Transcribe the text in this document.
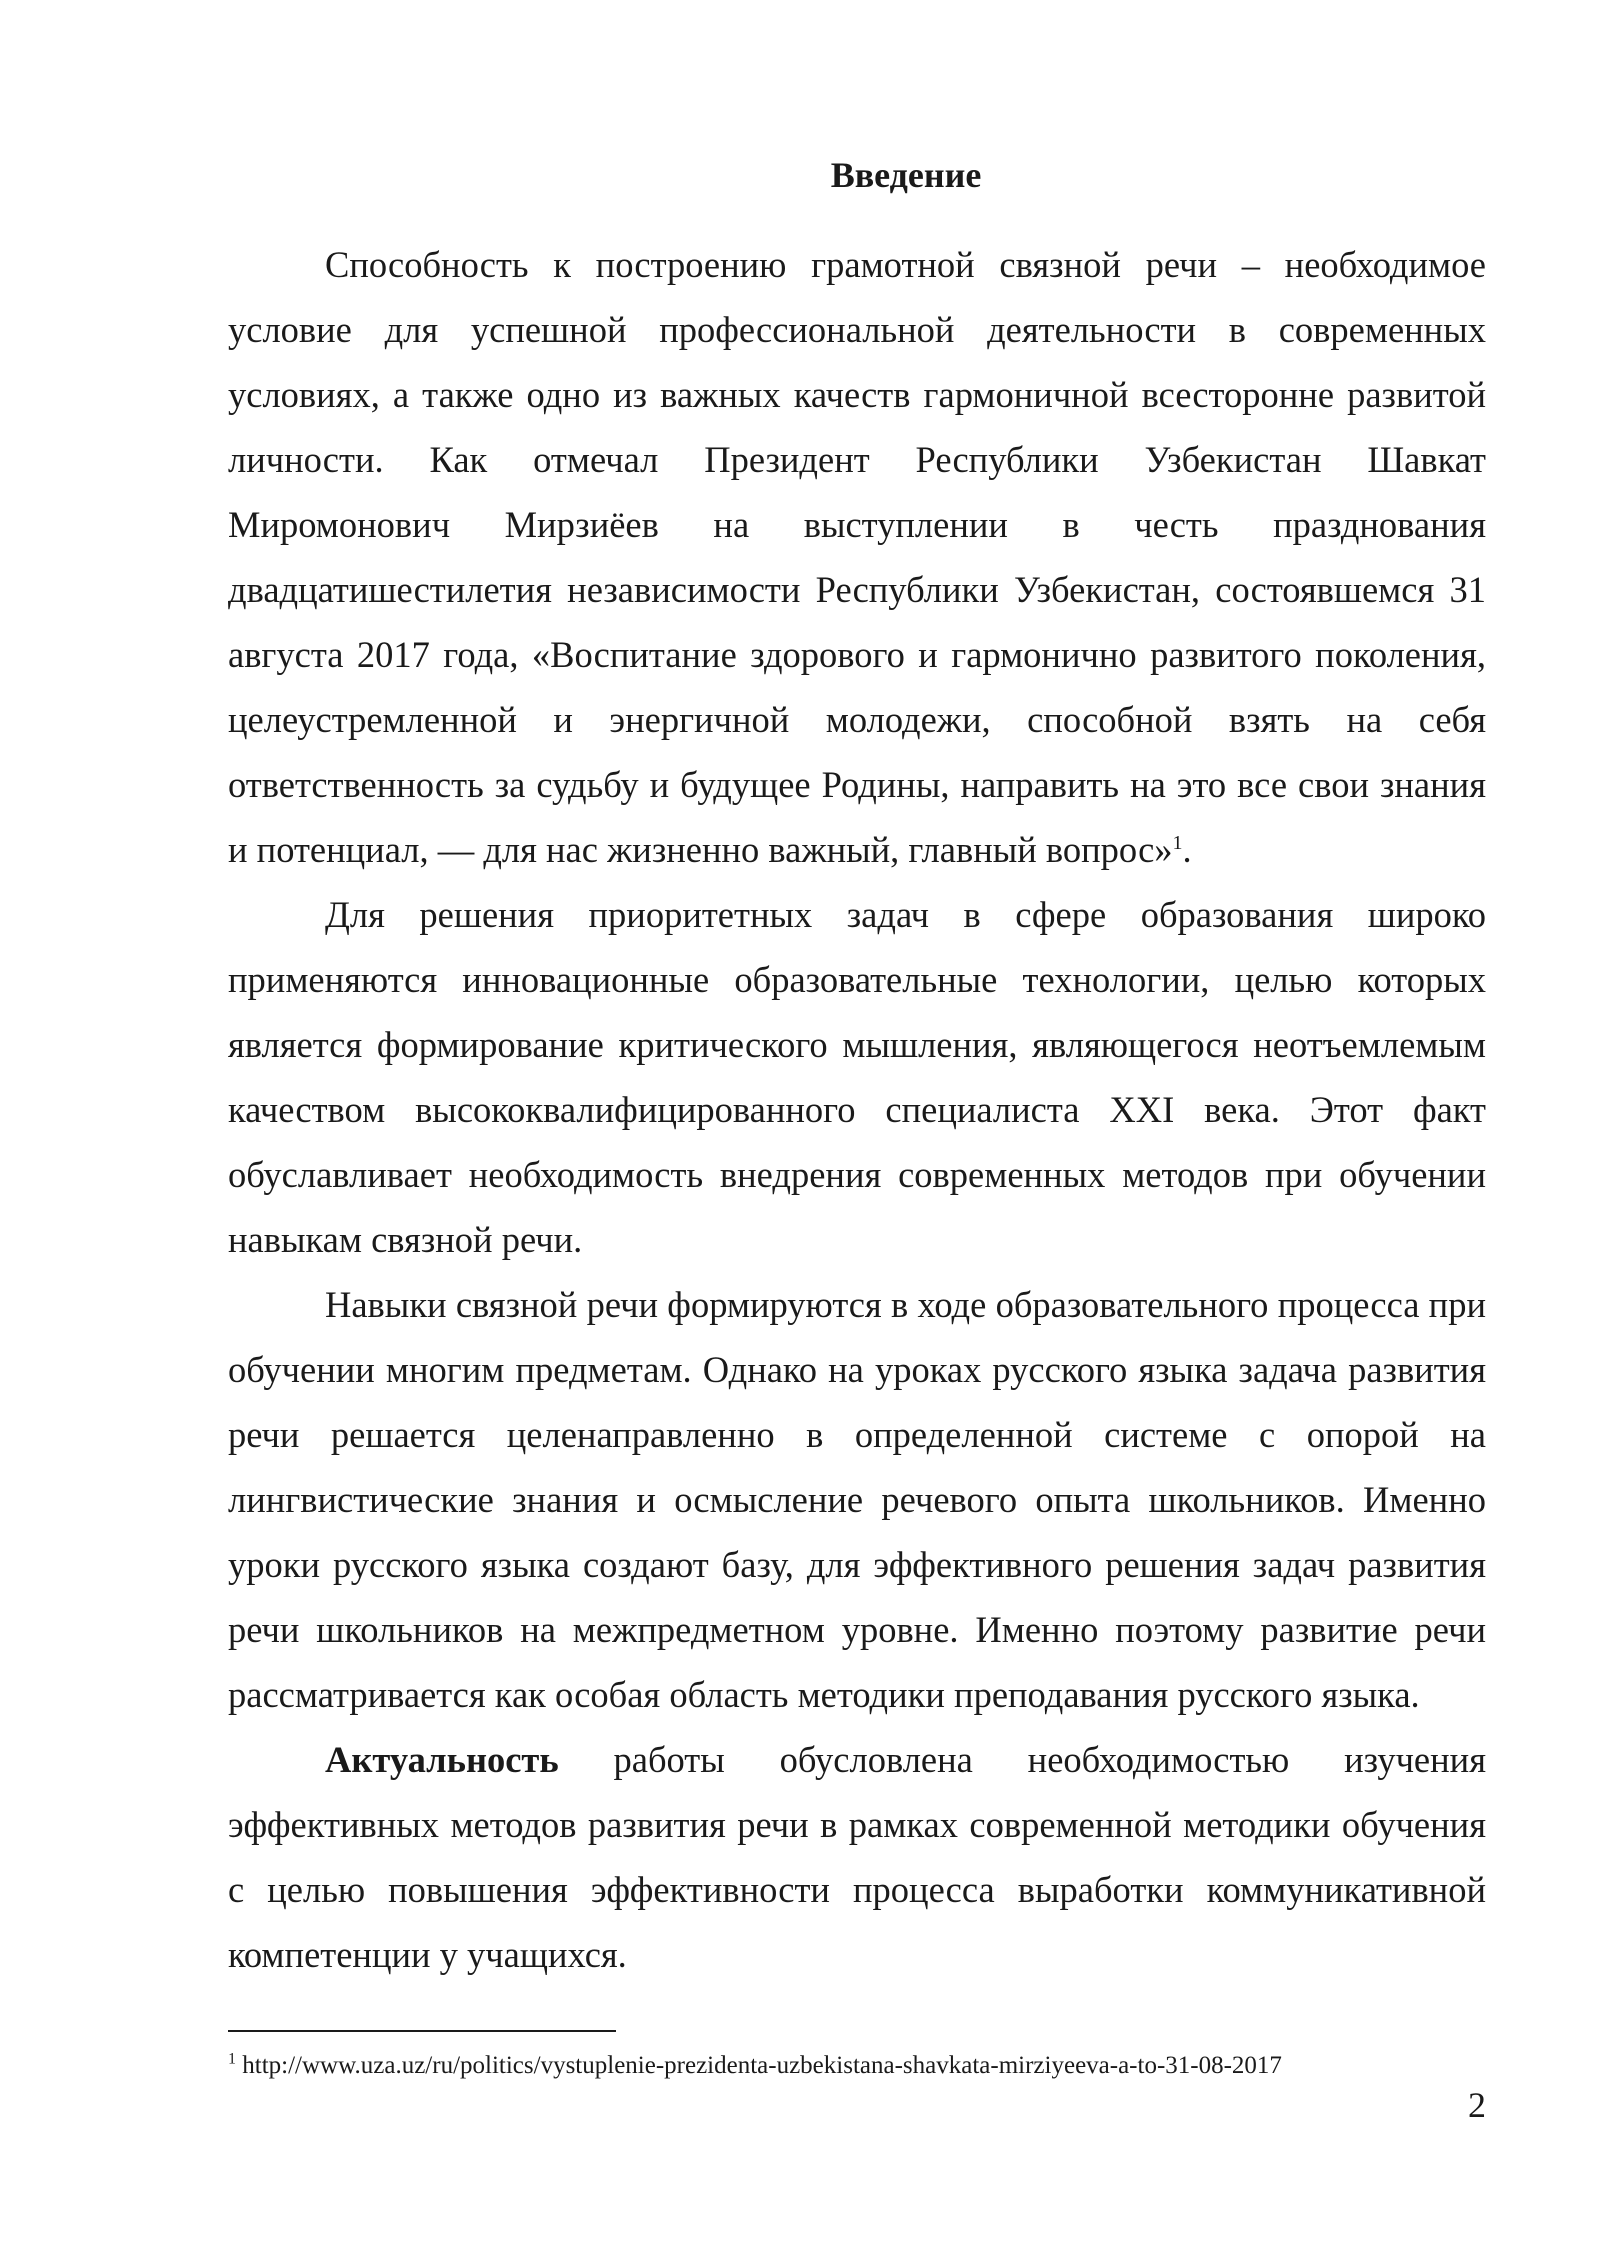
Введение

Способность к построению грамотной связной речи – необходимое условие для успешной профессиональной деятельности в современных условиях, а также одно из важных качеств гармоничной всесторонне развитой личности. Как отмечал Президент Республики Узбекистан Шавкат Миромонович Мирзиёев на выступлении в честь празднования двадцатишестилетия независимости Республики Узбекистан, состоявшемся 31 августа 2017 года, «Воспитание здорового и гармонично развитого поколения, целеустремленной и энергичной молодежи, способной взять на себя ответственность за судьбу и будущее Родины, направить на это все свои знания и потенциал, — для нас жизненно важный, главный вопрос»$^1$.

Для решения приоритетных задач в сфере образования широко применяются инновационные образовательные технологии, целью которых является формирование критического мышления, являющегося неотъемлемым качеством высококвалифицированного специалиста XXI века. Этот факт обуславливает необходимость внедрения современных методов при обучении навыкам связной речи.

Навыки связной речи формируются в ходе образовательного процесса при обучении многим предметам. Однако на уроках русского языка задача развития речи решается целенаправленно в определенной системе с опорой на лингвистические знания и осмысление речевого опыта школьников. Именно уроки русского языка создают базу, для эффективного решения задач развития речи школьников на межпредметном уровне. Именно поэтому развитие речи рассматривается как особая область методики преподавания русского языка.

Актуальность работы обусловлена необходимостью изучения эффективных методов развития речи в рамках современной методики обучения с целью повышения эффективности процесса выработки коммуникативной компетенции у учащихся.

$^1$ http://www.uza.uz/ru/politics/vystuplenie-prezidenta-uzbekistana-shavkata-mirziyeeva-a-to-31-08-2017
2
